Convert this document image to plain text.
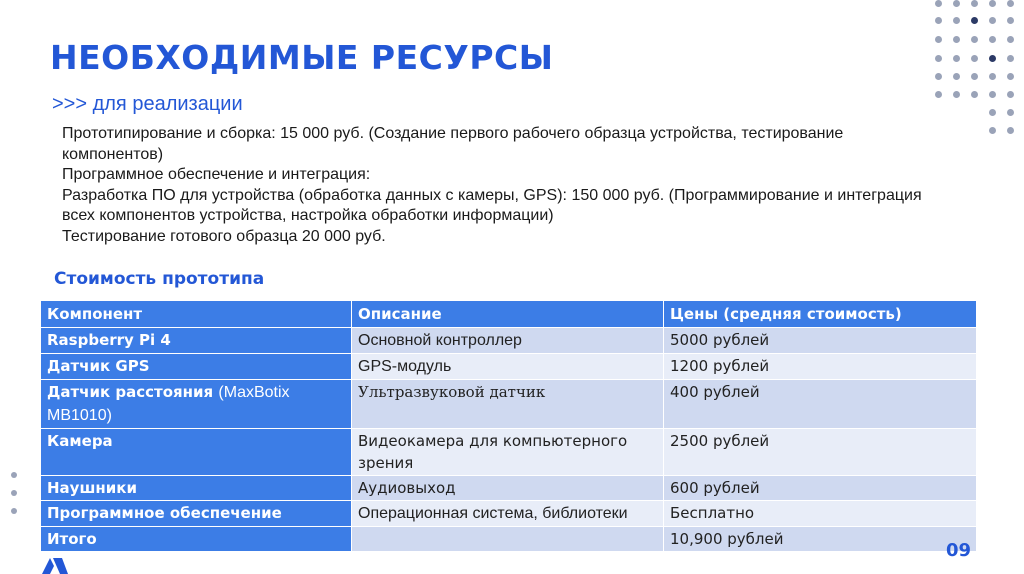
НЕОБХОДИМЫЕ РЕСУРСЫ
>>> для реализации
Прототипирование и сборка: 15 000 руб. (Создание первого рабочего образца устройства, тестирование компонентов)
Программное обеспечение и интеграция:
Разработка ПО для устройства (обработка данных с камеры, GPS): 150 000 руб. (Программирование и интеграция всех компонентов устройства, настройка обработки информации)
Тестирование готового образца 20 000 руб.
Стоимость прототипа
Компонент	Описание	Цены (средняя стоимость)
Raspberry Pi 4	Основной контроллер	5000 рублей
Датчик GPS	GPS-модуль	1200 рублей
Датчик расстояния (MaxBotix MB1010)	Ультразвуковой датчик	400 рублей
Камера	Видеокамера для компьютерного зрения	2500 рублей
Наушники	Аудиовыход	600 рублей
Программное обеспечение	Операционная система, библиотеки	Бесплатно
Итого		10,900 рублей
09
